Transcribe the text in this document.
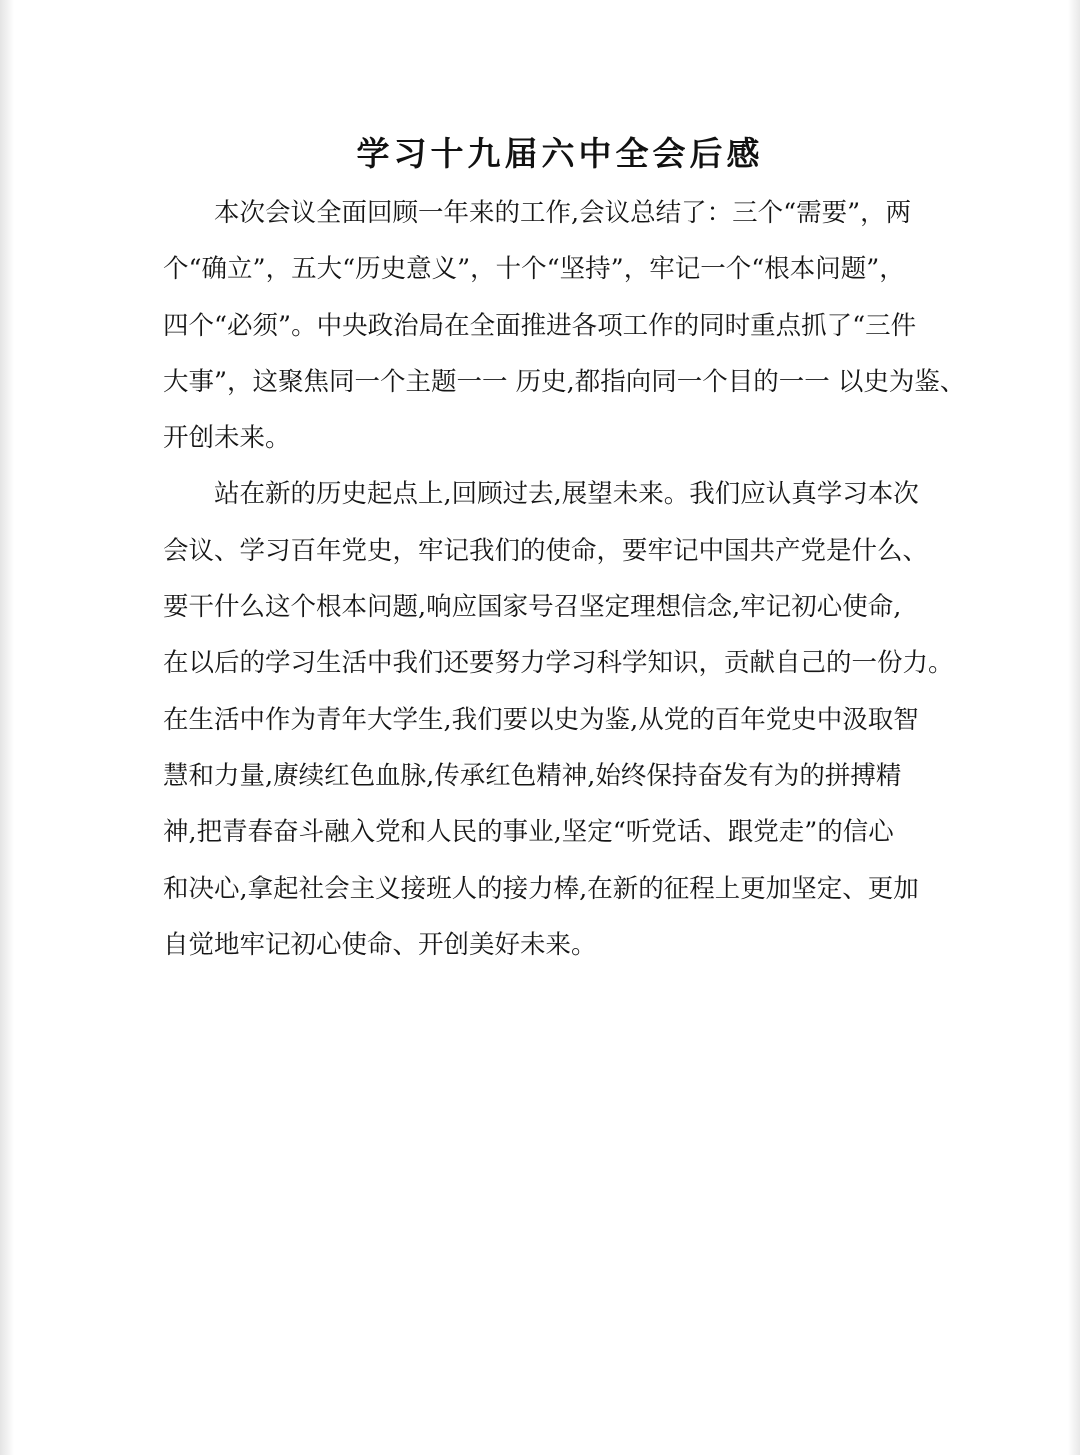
学习十九届六中全会后感
本次会议全面回顾一年来的工作,会议总结了：三个“需要”，两
个“确立”，五大“历史意义”，十个“坚持”，牢记一个“根本问题”，
四个“必须”。中央政治局在全面推进各项工作的同时重点抓了“三件
大事”，这聚焦同一个主题一一 历史,都指向同一个目的一一 以史为鉴、
开创未来。
站在新的历史起点上,回顾过去,展望未来。我们应认真学习本次
会议、学习百年党史，牢记我们的使命，要牢记中国共产党是什么、
要干什么这个根本问题,响应国家号召坚定理想信念,牢记初心使命,
在以后的学习生活中我们还要努力学习科学知识，贡献自己的一份力。
在生活中作为青年大学生,我们要以史为鉴,从党的百年党史中汲取智
慧和力量,赓续红色血脉,传承红色精神,始终保持奋发有为的拼搏精
神,把青春奋斗融入党和人民的事业,坚定“听党话、跟党走”的信心
和决心,拿起社会主义接班人的接力棒,在新的征程上更加坚定、更加
自觉地牢记初心使命、开创美好未来。
